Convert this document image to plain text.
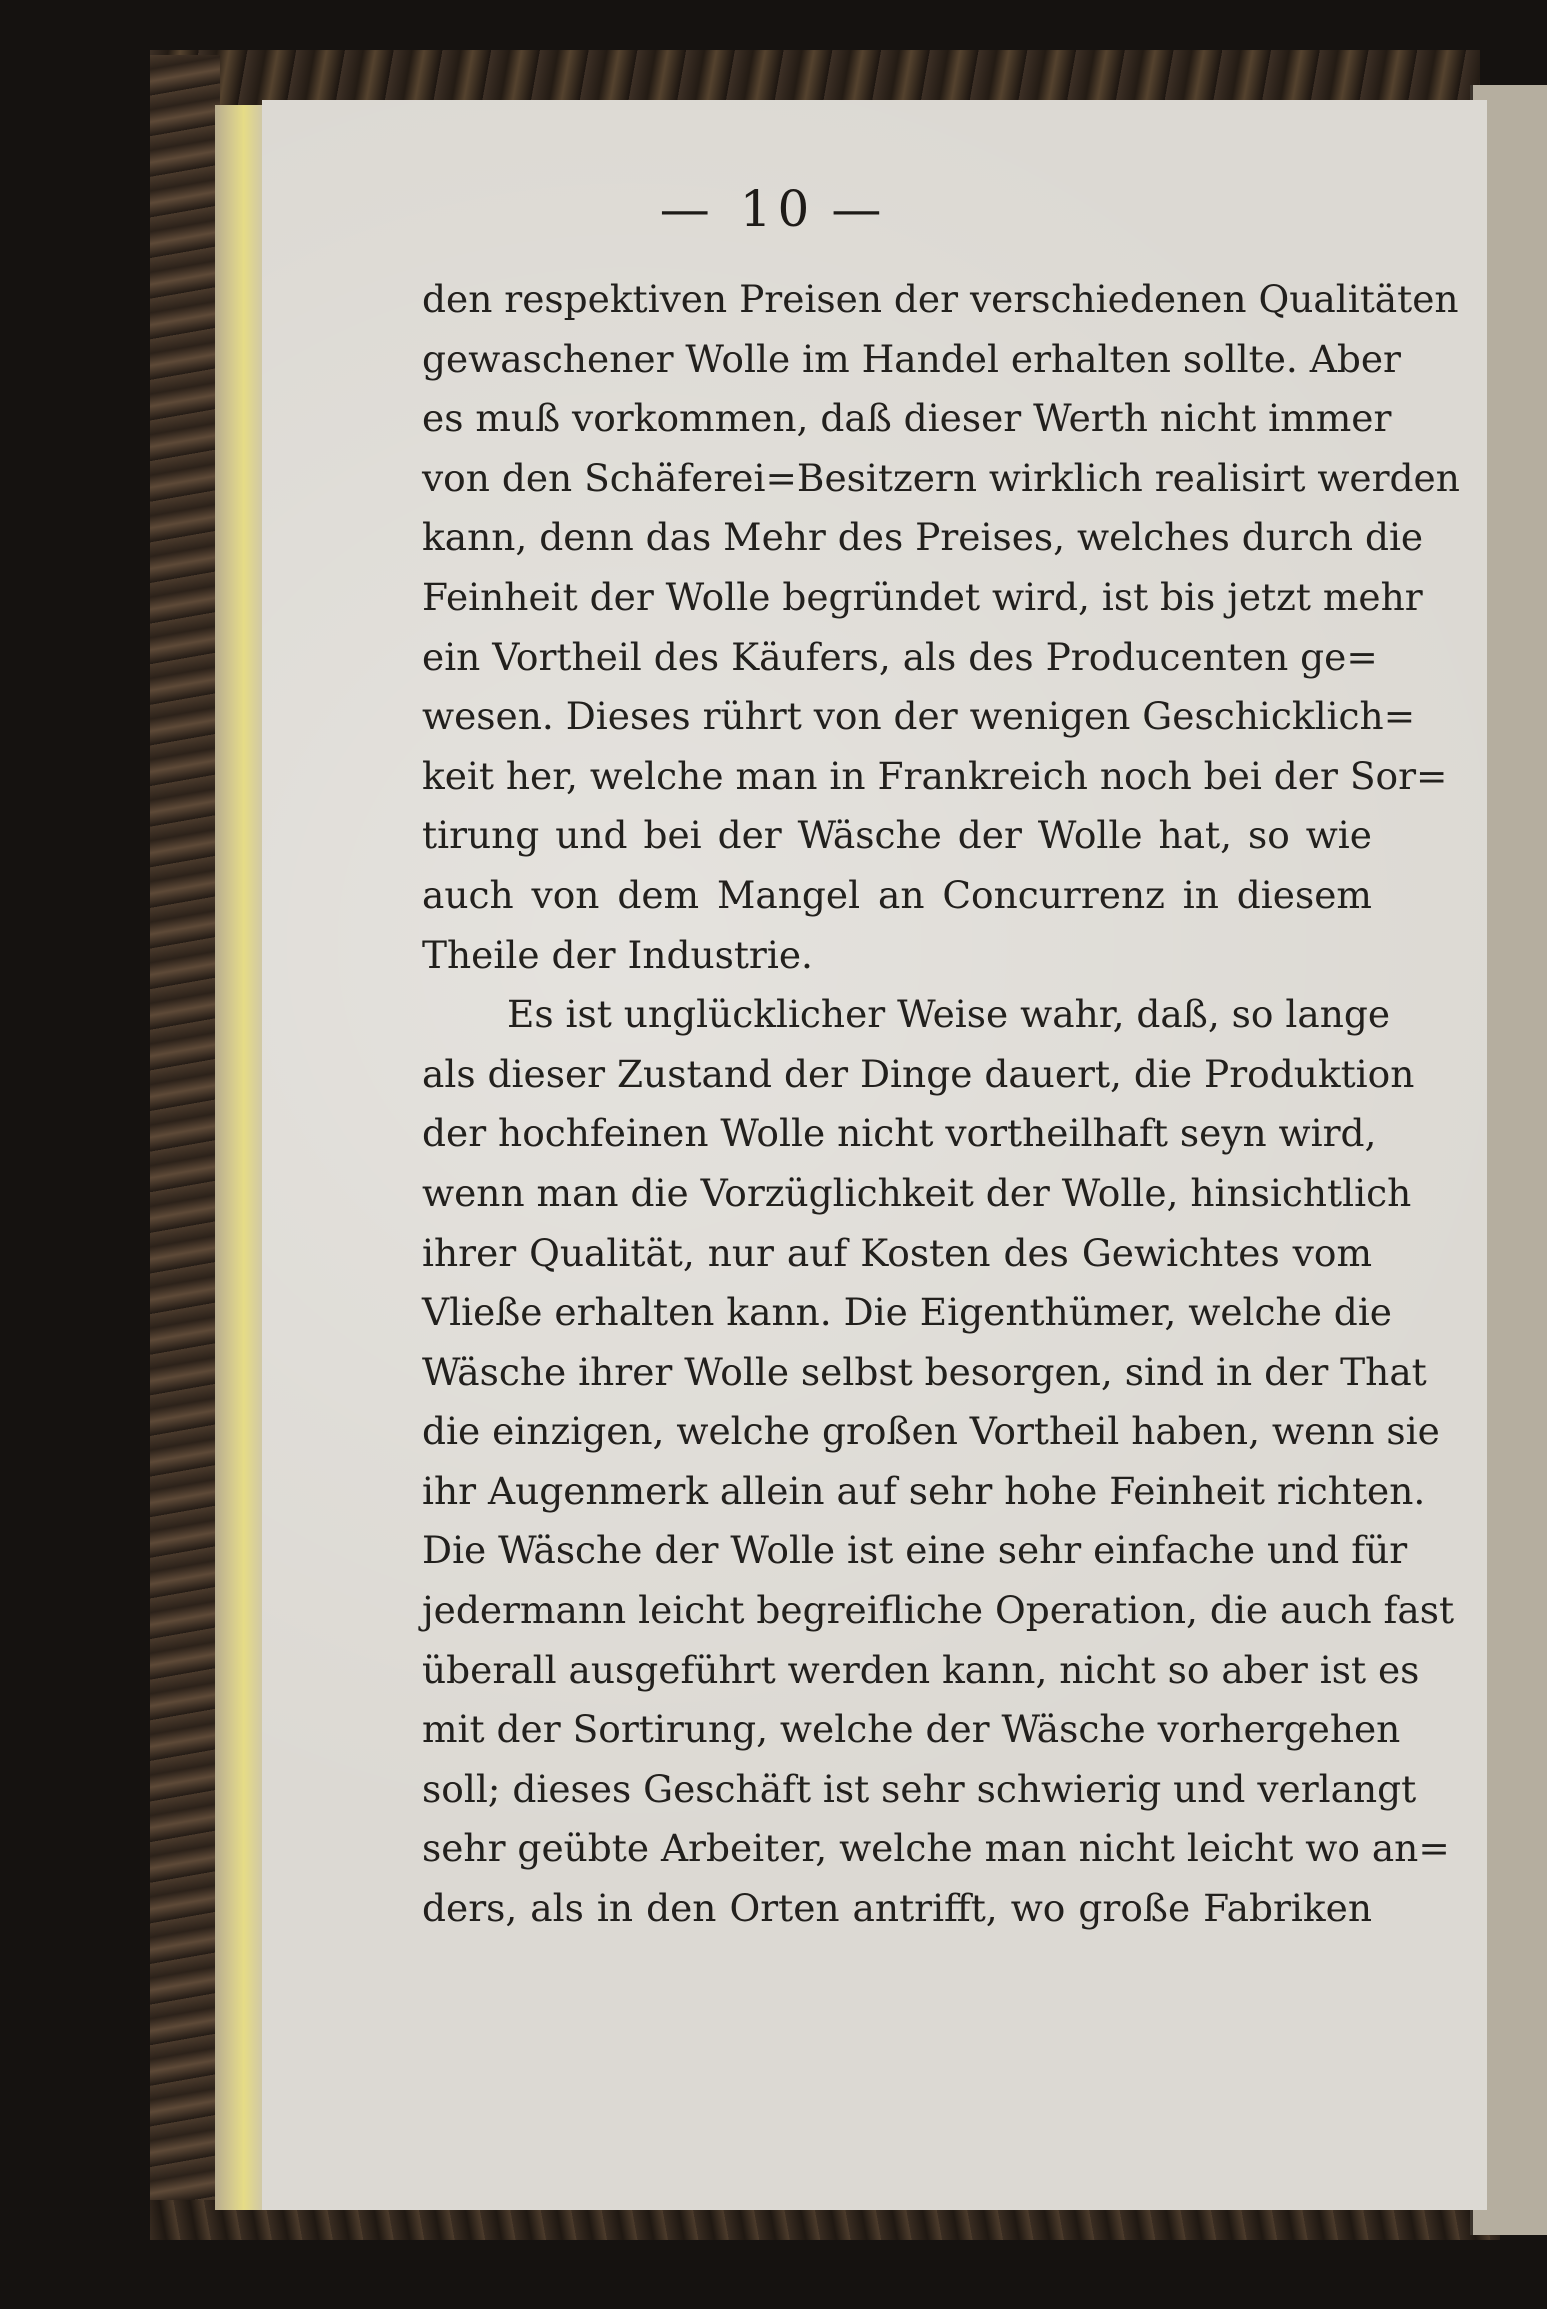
— 10 —
den respektiven Preisen der verschiedenen Qualitäten
gewaschener Wolle im Handel erhalten sollte. Aber
es muß vorkommen, daß dieser Werth nicht immer
von den Schäferei=Besitzern wirklich realisirt werden
kann, denn das Mehr des Preises, welches durch die
Feinheit der Wolle begründet wird, ist bis jetzt mehr
ein Vortheil des Käufers, als des Producenten ge=
wesen. Dieses rührt von der wenigen Geschicklich=
keit her, welche man in Frankreich noch bei der Sor=
tirung und bei der Wäsche der Wolle hat, so wie
auch von dem Mangel an Concurrenz in diesem
Theile der Industrie.
Es ist unglücklicher Weise wahr, daß, so lange
als dieser Zustand der Dinge dauert, die Produktion
der hochfeinen Wolle nicht vortheilhaft seyn wird,
wenn man die Vorzüglichkeit der Wolle, hinsichtlich
ihrer Qualität, nur auf Kosten des Gewichtes vom
Vließe erhalten kann. Die Eigenthümer, welche die
Wäsche ihrer Wolle selbst besorgen, sind in der That
die einzigen, welche großen Vortheil haben, wenn sie
ihr Augenmerk allein auf sehr hohe Feinheit richten.
Die Wäsche der Wolle ist eine sehr einfache und für
jedermann leicht begreifliche Operation, die auch fast
überall ausgeführt werden kann, nicht so aber ist es
mit der Sortirung, welche der Wäsche vorhergehen
soll; dieses Geschäft ist sehr schwierig und verlangt
sehr geübte Arbeiter, welche man nicht leicht wo an=
ders, als in den Orten antrifft, wo große Fabriken
